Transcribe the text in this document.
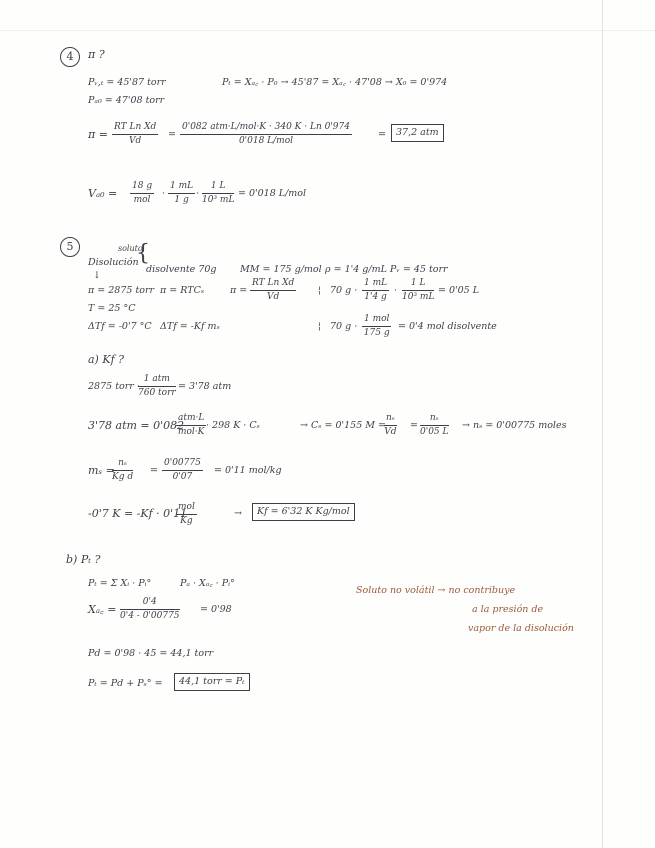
4	π ?
Pᵥ,ₜ = 45'87 torr	Pₜ = Xₐ꜀ · P₀ → 45'87 = Xₐ꜀ · 47'08 → X₀ = 0'974
Pₐ₀ = 47'08 torr
$\pi = \frac{\text{RT Ln Xd}}{Vd}$ =
0'082 atm·L/mol·K · 340 K · Ln 0'974
0'018 L/mol
=	37,2 atm
Vₐ₀ =
18 g
mol
· $\frac{1 mL}{1 g} \cdot \frac{1 L}{\text{10³ mL}} = 0'018$ L/mol
5	soluto
Disolución
{
disolvente 70g MM = 175 g/mol ρ = 1'4 g/mL Pᵥ = 45 torr
↓
π = 2875 torr π = RTCₛ	$\pi = \frac{\text{RT Ln Xd}}{Vd}$
T = 25 °C
ΔTf = -0'7 °C ΔTf = -Kf mₛ
¦ 70 $g \cdot \frac{1 mL}{1'4 g} \cdot \frac{1 L}{\text{10³ mL}} = 0'05$ L
¦ 70 g ·
1 mol
175 g
= 0'4 mol disolvente
a) Kf ?
2875 torr ·
1 atm
760 torr
= 3'78 atm
3'78 atm = 0'082
atm·L
mol·K
· 298 K · Cₛ	→ Cₛ = 0'155 M =
$\frac{\text{nₛ}}{Vd} = \frac{\text{nₛ}}{0'05 L} \to n_s = 0'00775$ moles
mₛ =
$\frac{\text{nₛ}}{\text{Kg d}} = \frac{0'00775}{0'07} = 0'11$ mol/kg
-0'7 K = -Kf · 0'11
mol
Kg
→	Kf = 6'32 K Kg/mol
b) Pₜ ?
Pₜ = Σ Xᵢ · Pᵢ°	Pₐ · Xₐ꜀ · Pᵢ°
Xₐ꜀ = $\frac{0'4}{0'4 - 0'00775} = 0'98$
Pd = 0'98 · 45 = 44,1 torr
Pₜ = Pd + Pₛ° =	44,1 torr = Pₜ
Soluto no volátil → no contribuye
a la presión de
vapor de la disolución
